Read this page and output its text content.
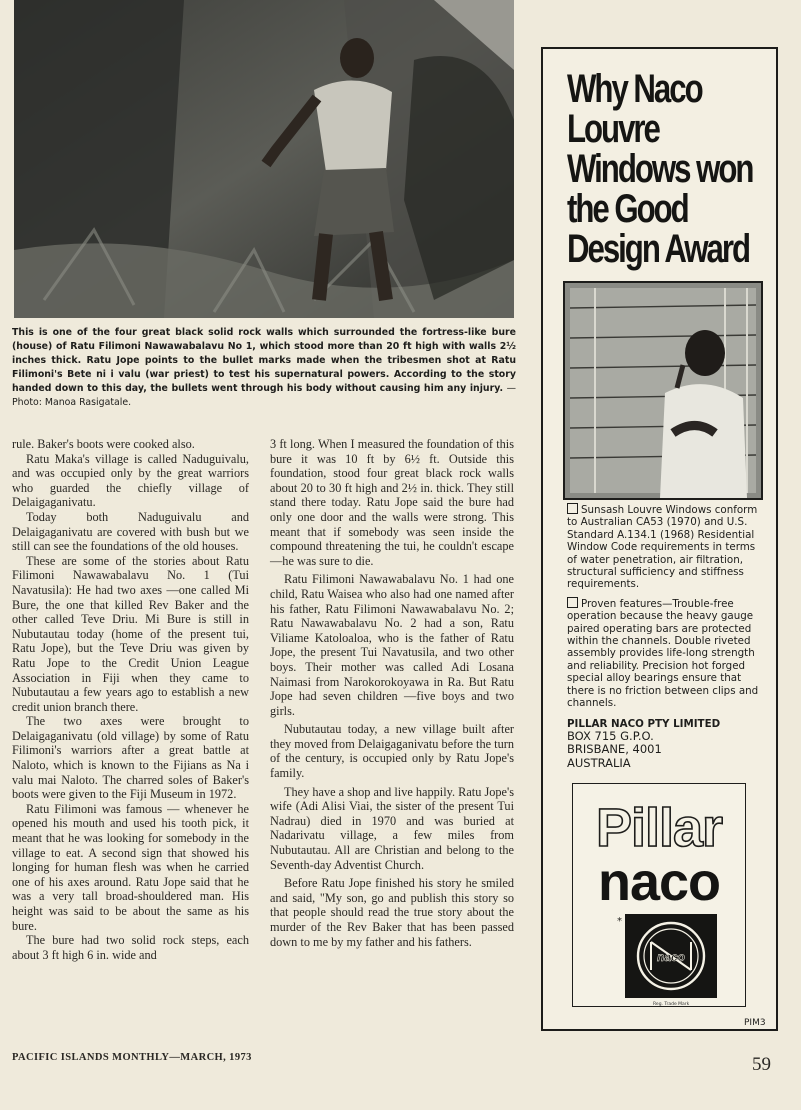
This is one of the four great black solid rock walls which surrounded the fortress-like bure (house) of Ratu Filimoni Nawawabalavu No 1, which stood more than 20 ft high with walls 2½ inches thick. Ratu Jope points to the bullet marks made when the tribesmen shot at Ratu Filimoni's Bete ni i valu (war priest) to test his supernatural powers. According to the story handed down to this day, the bullets went through his body without causing him any injury. —Photo: Manoa Rasigatale.

rule. Baker's boots were cooked also.

Ratu Maka's village is called Naduguivalu, and was occupied only by the great warriors who guarded the chiefly village of Delaigaganivatu.

Today both Naduguivalu and Delaigaganivatu are covered with bush but we still can see the foundations of the old houses.

These are some of the stories about Ratu Filimoni Nawawabalavu No. 1 (Tui Navatusila): He had two axes —one called Mi Bure, the one that killed Rev Baker and the other called Teve Driu. Mi Bure is still in Nubutautau today (home of the present tui, Ratu Jope), but the Teve Driu was given by Ratu Jope to the Credit Union League Association in Fiji when they came to Nubutautau a few years ago to establish a new credit union branch there.

The two axes were brought to Delaigaganivatu (old village) by some of Ratu Filimoni's warriors after a great battle at Naloto, which is known to the Fijians as Na i valu mai Naloto. The charred soles of Baker's boots were given to the Fiji Museum in 1972.

Ratu Filimoni was famous — whenever he opened his mouth and used his tooth pick, it meant that he was looking for somebody in the village to eat. A second sign that showed his longing for human flesh was when he carried one of his axes around. Ratu Jope said that he was a very tall broad-shouldered man. His height was said to be about the same as his bure.

The bure had two solid rock steps, each about 3 ft high 6 in. wide and

3 ft long. When I measured the foundation of this bure it was 10 ft by 6½ ft. Outside this foundation, stood four great black rock walls about 20 to 30 ft high and 2½ in. thick. They still stand there today. Ratu Jope said the bure had only one door and the walls were strong. This meant that if somebody was seen inside the compound threatening the tui, he couldn't escape—he was sure to die.

Ratu Filimoni Nawawabalavu No. 1 had one child, Ratu Waisea who also had one named after his father, Ratu Filimoni Nawawabalavu No. 2; Ratu Nawawabalavu No. 2 had a son, Ratu Viliame Katoloaloa, who is the father of Ratu Jope, the present Tui Navatusila, and two other boys. Their mother was called Adi Losana Naimasi from Narokorokoyawa in Ra. But Ratu Jope had seven children —five boys and two girls.

Nubutautau today, a new village built after they moved from Delaigaganivatu before the turn of the century, is occupied only by Ratu Jope's family.

They have a shop and live happily. Ratu Jope's wife (Adi Alisi Viai, the sister of the present Tui Nadrau) died in 1970 and was buried at Nadarivatu village, a few miles from Nubutautau. All are Christian and belong to the Seventh-day Adventist Church.

Before Ratu Jope finished his story he smiled and said, "My son, go and publish this story so that people should read the true story about the murder of the Rev Baker that has been passed down to me by my father and his fathers.

PACIFIC ISLANDS MONTHLY—MARCH, 1973	59
Why Naco
Louvre
Windows won
the Good
Design Award

Sunsash Louvre Windows conform to Australian CA53 (1970) and U.S. Standard A.134.1 (1968) Residential Window Code requirements in terms of water penetration, air filtration, structural sufficiency and stiffness requirements.

Proven features—Trouble-free operation because the heavy gauge paired operating bars are protected within the channels. Double riveted assembly provides life-long strength and reliability. Precision hot forged special alloy bearings ensure that there is no friction between clips and channels.

PILLAR NACO PTY LIMITED
BOX 715 G.P.O.
BRISBANE, 4001
AUSTRALIA
Pillar
naco
*
naco
Reg. Trade Mark
PIM3
